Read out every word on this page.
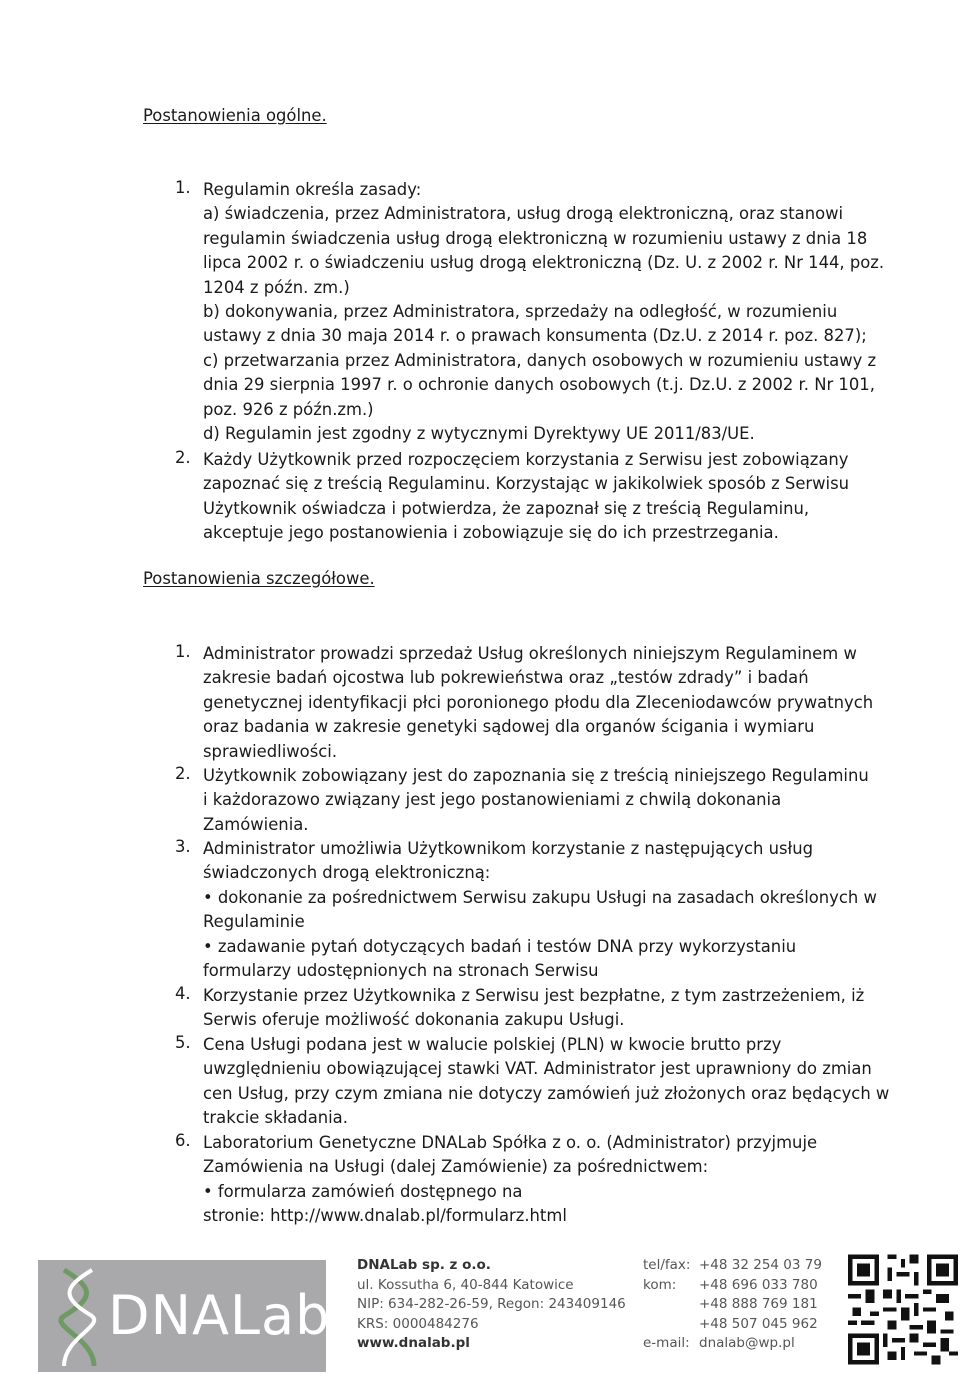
Postanowienia ogólne.
1. Regulamin określa zasady:
a) świadczenia, przez Administratora, usług drogą elektroniczną, oraz stanowi
regulamin świadczenia usług drogą elektroniczną w rozumieniu ustawy z dnia 18
lipca 2002 r. o świadczeniu usług drogą elektroniczną (Dz. U. z 2002 r. Nr 144, poz.
1204 z późn. zm.)
b) dokonywania, przez Administratora, sprzedaży na odległość, w rozumieniu
ustawy z dnia 30 maja 2014 r. o prawach konsumenta (Dz.U. z 2014 r. poz. 827);
c) przetwarzania przez Administratora, danych osobowych w rozumieniu ustawy z
dnia 29 sierpnia 1997 r. o ochronie danych osobowych (t.j. Dz.U. z 2002 r. Nr 101,
poz. 926 z późn.zm.)
d) Regulamin jest zgodny z wytycznymi Dyrektywy UE 2011/83/UE.
2. Każdy Użytkownik przed rozpoczęciem korzystania z Serwisu jest zobowiązany
zapoznać się z treścią Regulaminu. Korzystając w jakikolwiek sposób z Serwisu
Użytkownik oświadcza i potwierdza, że zapoznał się z treścią Regulaminu,
akceptuje jego postanowienia i zobowiązuje się do ich przestrzegania.
Postanowienia szczegółowe.
1. Administrator prowadzi sprzedaż Usług określonych niniejszym Regulaminem w
zakresie badań ojcostwa lub pokrewieństwa oraz „testów zdrady” i badań
genetycznej identyfikacji płci poronionego płodu dla Zleceniodawców prywatnych
oraz badania w zakresie genetyki sądowej dla organów ścigania i wymiaru
sprawiedliwości.
2. Użytkownik zobowiązany jest do zapoznania się z treścią niniejszego Regulaminu
i każdorazowo związany jest jego postanowieniami z chwilą dokonania
Zamówienia.
3. Administrator umożliwia Użytkownikom korzystanie z następujących usług
świadczonych drogą elektroniczną:
• dokonanie za pośrednictwem Serwisu zakupu Usługi na zasadach określonych w
Regulaminie
• zadawanie pytań dotyczących badań i testów DNA przy wykorzystaniu
formularzy udostępnionych na stronach Serwisu
4. Korzystanie przez Użytkownika z Serwisu jest bezpłatne, z tym zastrzeżeniem, iż
Serwis oferuje możliwość dokonania zakupu Usługi.
5. Cena Usługi podana jest w walucie polskiej (PLN) w kwocie brutto przy
uwzględnieniu obowiązującej stawki VAT. Administrator jest uprawniony do zmian
cen Usług, przy czym zmiana nie dotyczy zamówień już złożonych oraz będących w
trakcie składania.
6. Laboratorium Genetyczne DNALab Spółka z o. o. (Administrator) przyjmuje
Zamówienia na Usługi (dalej Zamówienie) za pośrednictwem:
• formularza zamówień dostępnego na
stronie: http://www.dnalab.pl/formularz.html
DNALab
DNALab sp. z o.o.
ul. Kossutha 6, 40-844 Katowice
NIP: 634-282-26-59, Regon: 243409146
KRS: 0000484276
www.dnalab.pl
tel/fax: +48 32 254 03 79
kom: +48 696 033 780
+48 888 769 181
+48 507 045 962
e-mail: dnalab@wp.pl
